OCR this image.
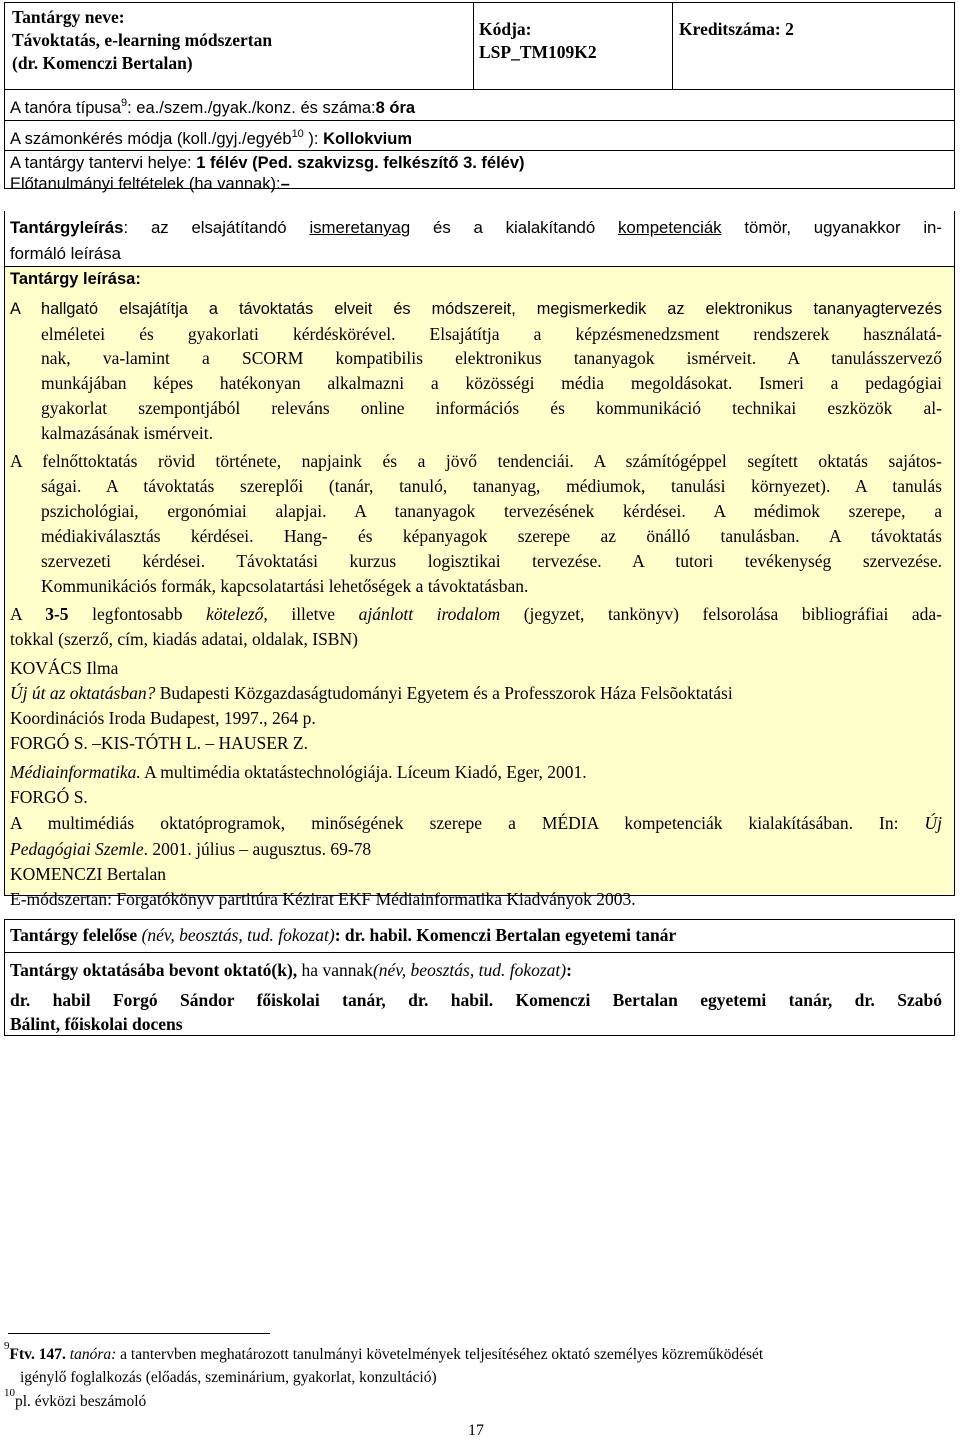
Tantárgy neve:
Távoktatás, e-learning módszertan
(dr. Komenczi Bertalan)
Kódja:
LSP_TM109K2
Kreditszáma: 2
A tanóra típusa$^9$: ea./szem./gyak./konz. és száma:8 óra
A számonkérés módja (koll./gyj./egyéb$^{10}$ ): Kollokvium
A tantárgy tantervi helye: 1 félév (Ped. szakvizsg. felkészítő 3. félév)
Előtanulmányi feltételek (ha vannak):–
Tantárgyleírás: az elsajátítandó ismeretanyag és a kialakítandó kompetenciák tömör, ugyanakkor in-
formáló leírása
Tantárgy leírása:
A hallgató elsajátítja a távoktatás elveit és módszereit, megismerkedik az elektronikus tananyagtervezés
elméletei és gyakorlati kérdéskörével. Elsajátítja a képzésmenedzsment rendszerek használatá-
nak, va-lamint a SCORM kompatibilis elektronikus tananyagok ismérveit. A tanulásszervező
munkájában képes hatékonyan alkalmazni a közösségi média megoldásokat. Ismeri a pedagógiai
gyakorlat szempontjából releváns online információs és kommunikáció technikai eszközök al-
kalmazásának ismérveit.
A felnőttoktatás rövid története, napjaink és a jövő tendenciái. A számítógéppel segített oktatás sajátos-
ságai. A távoktatás szereplői (tanár, tanuló, tananyag, médiumok, tanulási környezet). A tanulás
pszichológiai, ergonómiai alapjai. A tananyagok tervezésének kérdései. A médimok szerepe, a
médiakiválasztás kérdései. Hang- és képanyagok szerepe az önálló tanulásban. A távoktatás
szervezeti kérdései. Távoktatási kurzus logisztikai tervezése. A tutori tevékenység szervezése.
Kommunikációs formák, kapcsolatartási lehetőségek a távoktatásban.
A 3-5 legfontosabb kötelező, illetve ajánlott irodalom (jegyzet, tankönyv) felsorolása bibliográfiai ada-
tokkal (szerző, cím, kiadás adatai, oldalak, ISBN)
KOVÁCS Ilma
Új út az oktatásban? Budapesti Közgazdaságtudományi Egyetem és a Professzorok Háza Felsõoktatási
Koordinációs Iroda Budapest, 1997., 264 p.
FORGÓ S. –KIS-TÓTH L. – HAUSER Z.
Médiainformatika. A multimédia oktatástechnológiája. Líceum Kiadó, Eger, 2001.
FORGÓ S.
A multimédiás oktatóprogramok, minőségének szerepe a MÉDIA kompetenciák kialakításában. In: Új
Pedagógiai Szemle. 2001. július – augusztus. 69-78
KOMENCZI Bertalan
E-módszertan: Forgatókönyv partitúra Kézirat EKF Médiainformatika Kiadványok 2003.
Tantárgy felelőse (név, beosztás, tud. fokozat): dr. habil. Komenczi Bertalan egyetemi tanár
Tantárgy oktatásába bevont oktató(k), ha vannak(név, beosztás, tud. fokozat):
dr. habil Forgó Sándor főiskolai tanár, dr. habil. Komenczi Bertalan egyetemi tanár, dr. Szabó
Bálint, főiskolai docens
$^9$Ftv. 147. tanóra: a tantervben meghatározott tanulmányi követelmények teljesítéséhez oktató személyes közreműködését
igénylő foglalkozás (előadás, szeminárium, gyakorlat, konzultáció)
$^{10}$pl. évközi beszámoló
17
